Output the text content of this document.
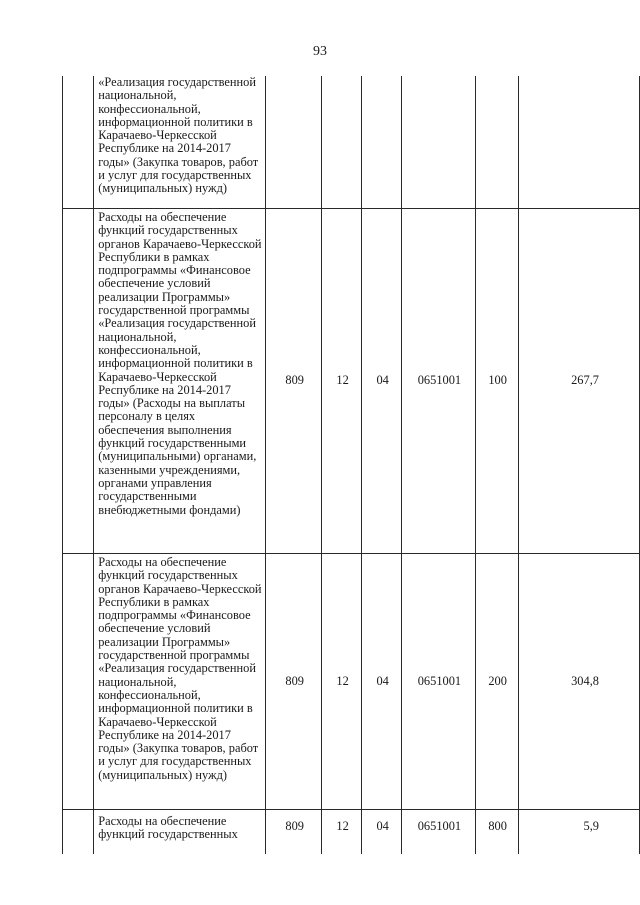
93
	«Реализация государственной национальной, конфессиональной, информационной политики в Карачаево-Черкесской Республике на 2014-2017 годы» (Закупка товаров, работ и услуг для государственных (муниципальных) нужд)						
	Расходы на обеспечение функций государственных органов Карачаево-Черкесской Республики в рамках подпрограммы «Финансовое обеспечение условий реализации Программы» государственной программы «Реализация государственной национальной, конфессиональной, информационной политики в Карачаево-Черкесской Республике на 2014-2017 годы» (Расходы на выплаты персоналу в целях обеспечения выполнения функций государственными (муниципальными) органами, казенными учреждениями, органами управления государственными внебюджетными фондами)	809	12	04	0651001	100	267,7
	Расходы на обеспечение функций государственных органов Карачаево-Черкесской Республики в рамках подпрограммы «Финансовое обеспечение условий реализации Программы» государственной программы «Реализация государственной национальной, конфессиональной, информационной политики в Карачаево-Черкесской Республике на 2014-2017 годы» (Закупка товаров, работ и услуг для государственных (муниципальных) нужд)	809	12	04	0651001	200	304,8
	Расходы на обеспечение функций государственных	809	12	04	0651001	800	5,9
